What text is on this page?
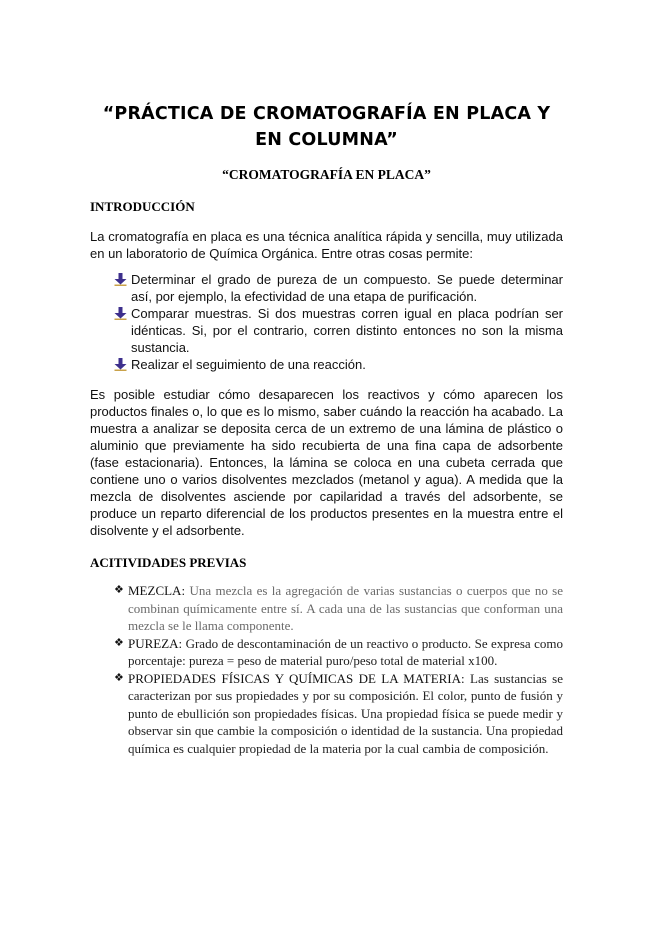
“PRÁCTICA DE CROMATOGRAFÍA EN PLACA Y EN COLUMNA”
“CROMATOGRAFÍA EN PLACA”
INTRODUCCIÓN

La cromatografía en placa es una técnica analítica rápida y sencilla, muy utilizada en un laboratorio de Química Orgánica. Entre otras cosas permite:

Determinar el grado de pureza de un compuesto. Se puede determinar así, por ejemplo, la efectividad de una etapa de purificación.
Comparar muestras. Si dos muestras corren igual en placa podrían ser idénticas. Si, por el contrario, corren distinto entonces no son la misma sustancia.
Realizar el seguimiento de una reacción.

Es posible estudiar cómo desaparecen los reactivos y cómo aparecen los productos finales o, lo que es lo mismo, saber cuándo la reacción ha acabado. La muestra a analizar se deposita cerca de un extremo de una lámina de plástico o aluminio que previamente ha sido recubierta de una fina capa de adsorbente (fase estacionaria). Entonces, la lámina se coloca en una cubeta cerrada que contiene uno o varios disolventes mezclados (metanol y agua). A medida que la mezcla de disolventes asciende por capilaridad a través del adsorbente, se produce un reparto diferencial de los productos presentes en la muestra entre el disolvente y el adsorbente.

ACITIVIDADES PREVIAS
❖ MEZCLA: Una mezcla es la agregación de varias sustancias o cuerpos que no se combinan químicamente entre sí. A cada una de las sustancias que conforman una mezcla se le llama componente.
❖ PUREZA: Grado de descontaminación de un reactivo o producto. Se expresa como porcentaje: pureza = peso de material puro/peso total de material x100.
❖ PROPIEDADES FÍSICAS Y QUÍMICAS DE LA MATERIA: Las sustancias se caracterizan por sus propiedades y por su composición. El color, punto de fusión y punto de ebullición son propiedades físicas. Una propiedad física se puede medir y observar sin que cambie la composición o identidad de la sustancia. Una propiedad química es cualquier propiedad de la materia por la cual cambia de composición.
